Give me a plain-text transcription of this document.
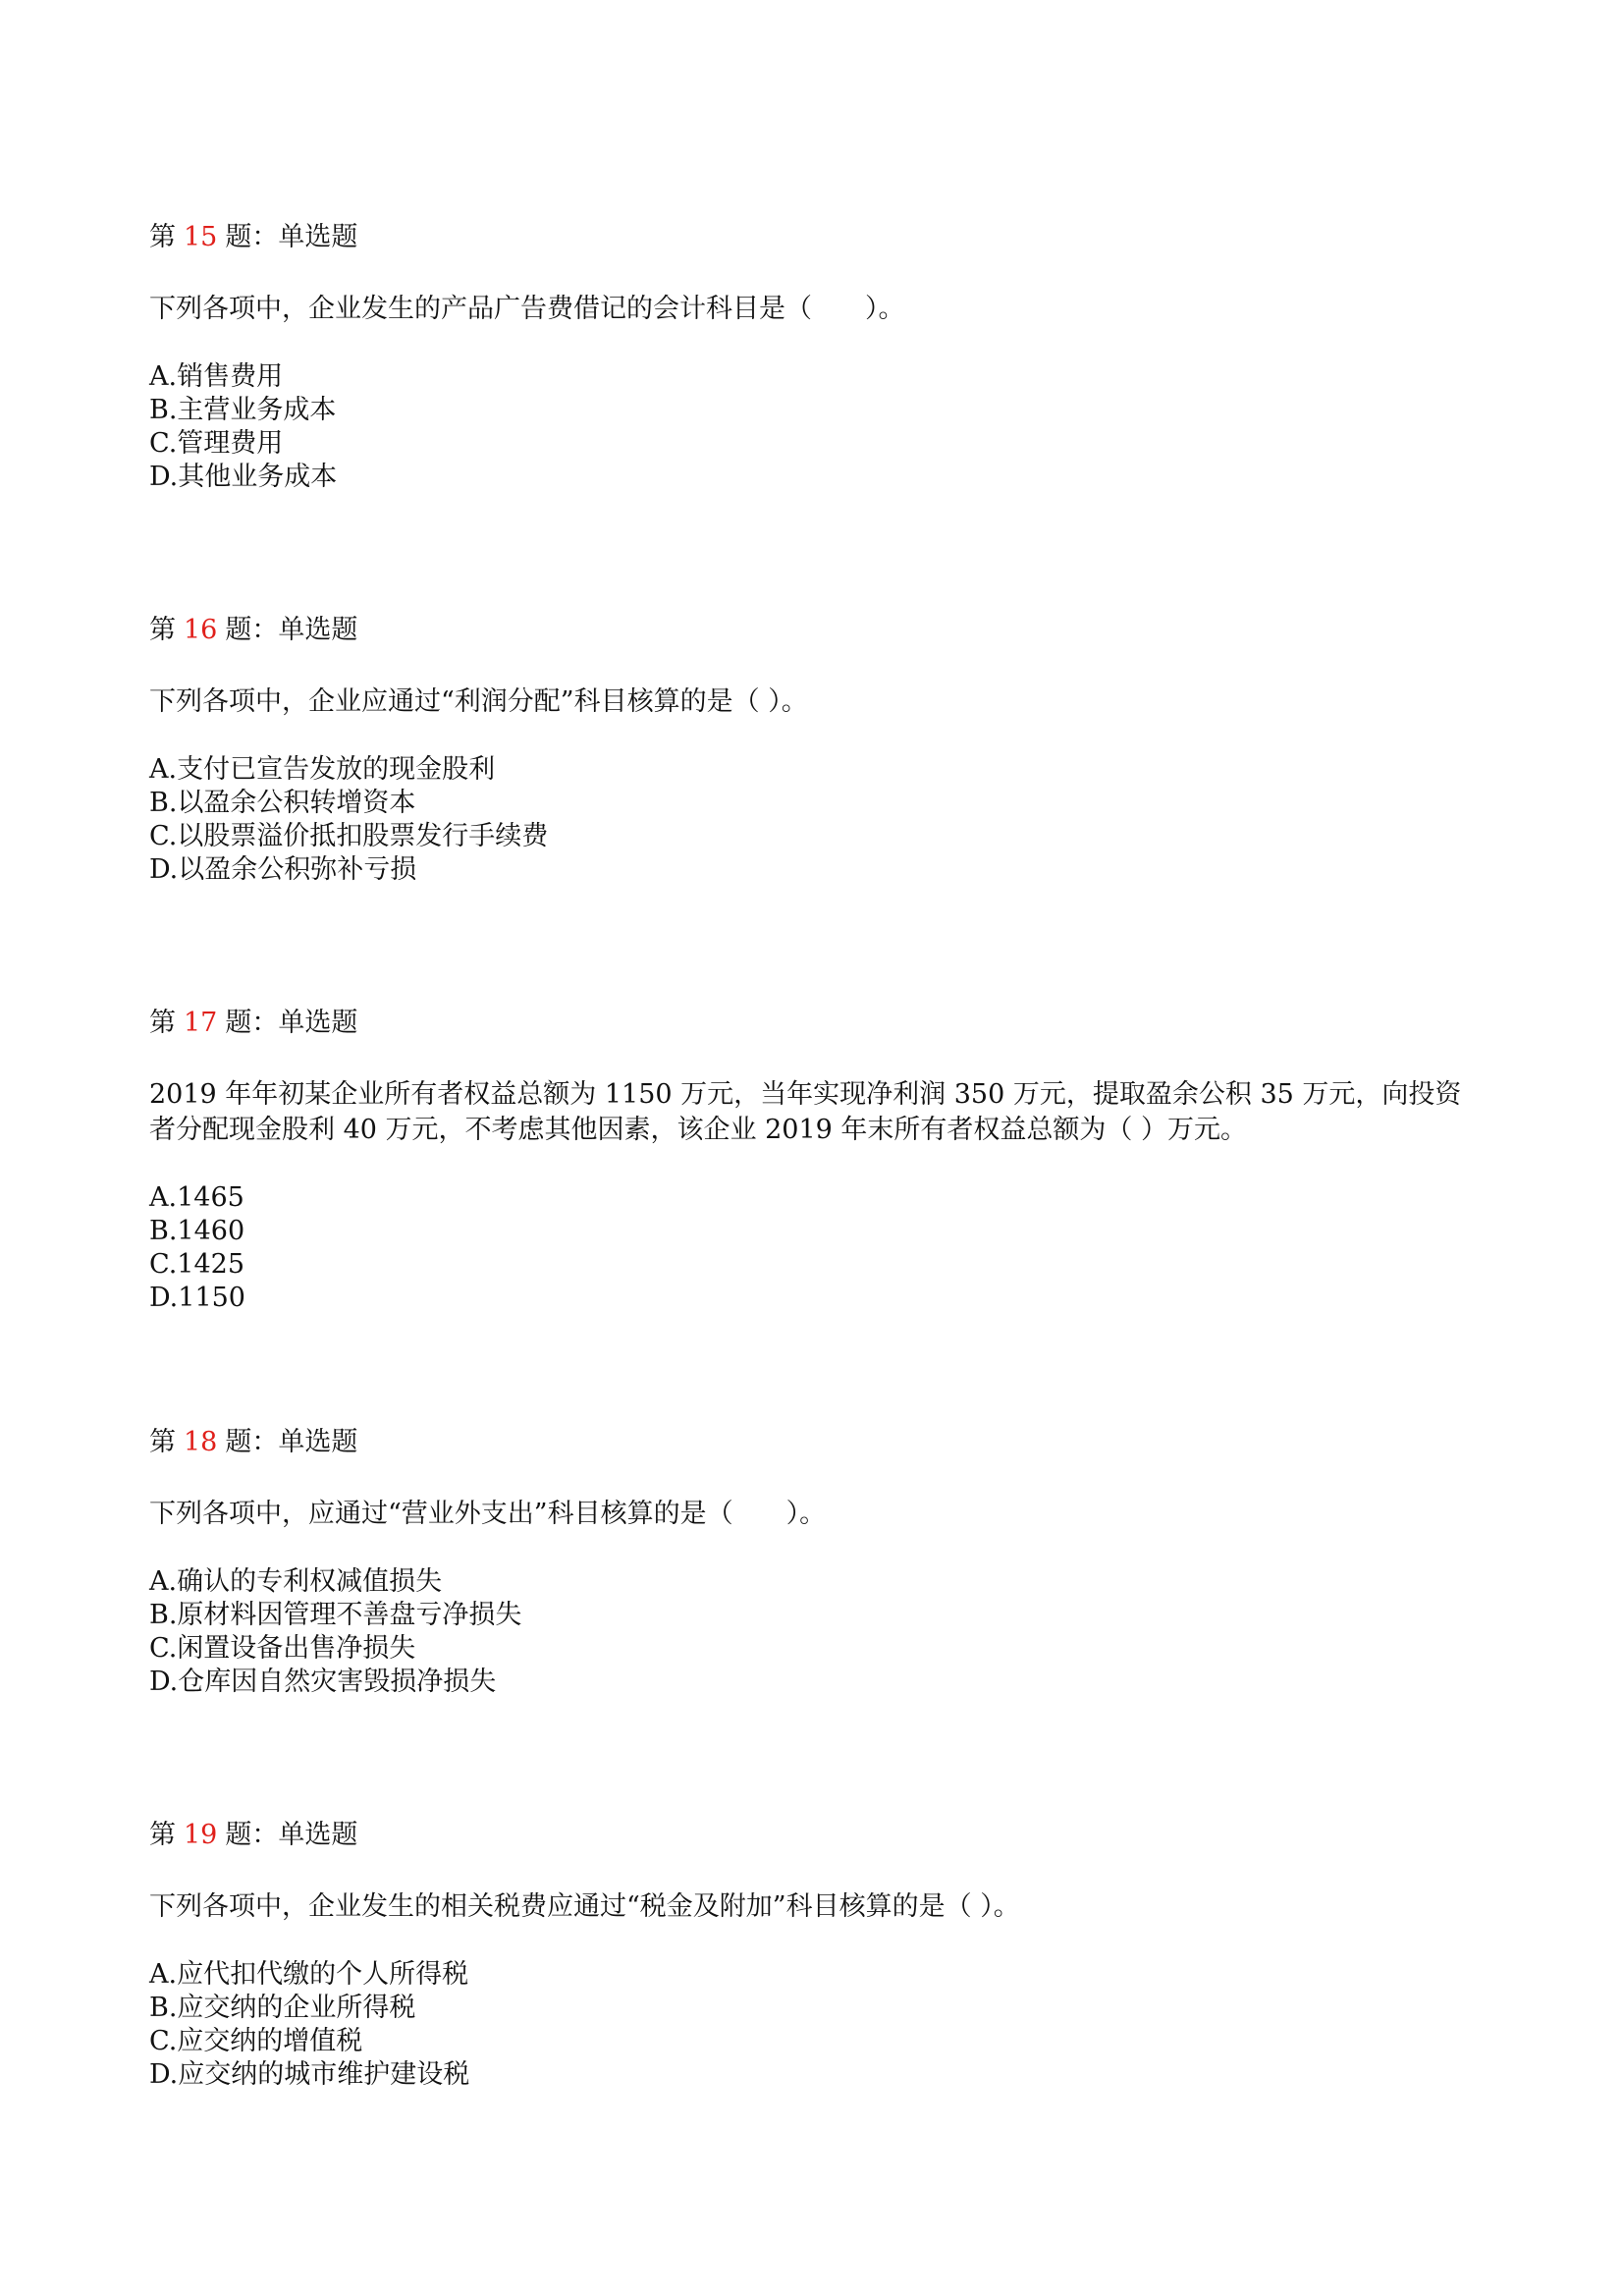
第 15 题：单选题
下列各项中，企业发生的产品广告费借记的会计科目是（　　）。
A.销售费用
B.主营业务成本
C.管理费用
D.其他业务成本
第 16 题：单选题
下列各项中，企业应通过“利润分配”科目核算的是（ ）。
A.支付已宣告发放的现金股利
B.以盈余公积转增资本
C.以股票溢价抵扣股票发行手续费
D.以盈余公积弥补亏损
第 17 题：单选题
2019 年年初某企业所有者权益总额为 1150 万元，当年实现净利润 350 万元，提取盈余公积 35 万元，向投资者分配现金股利 40 万元，不考虑其他因素，该企业 2019 年末所有者权益总额为（ ）万元。
A.1465
B.1460
C.1425
D.1150
第 18 题：单选题
下列各项中，应通过“营业外支出”科目核算的是（　　）。
A.确认的专利权减值损失
B.原材料因管理不善盘亏净损失
C.闲置设备出售净损失
D.仓库因自然灾害毁损净损失
第 19 题：单选题
下列各项中，企业发生的相关税费应通过“税金及附加”科目核算的是（ ）。
A.应代扣代缴的个人所得税
B.应交纳的企业所得税
C.应交纳的增值税
D.应交纳的城市维护建设税
